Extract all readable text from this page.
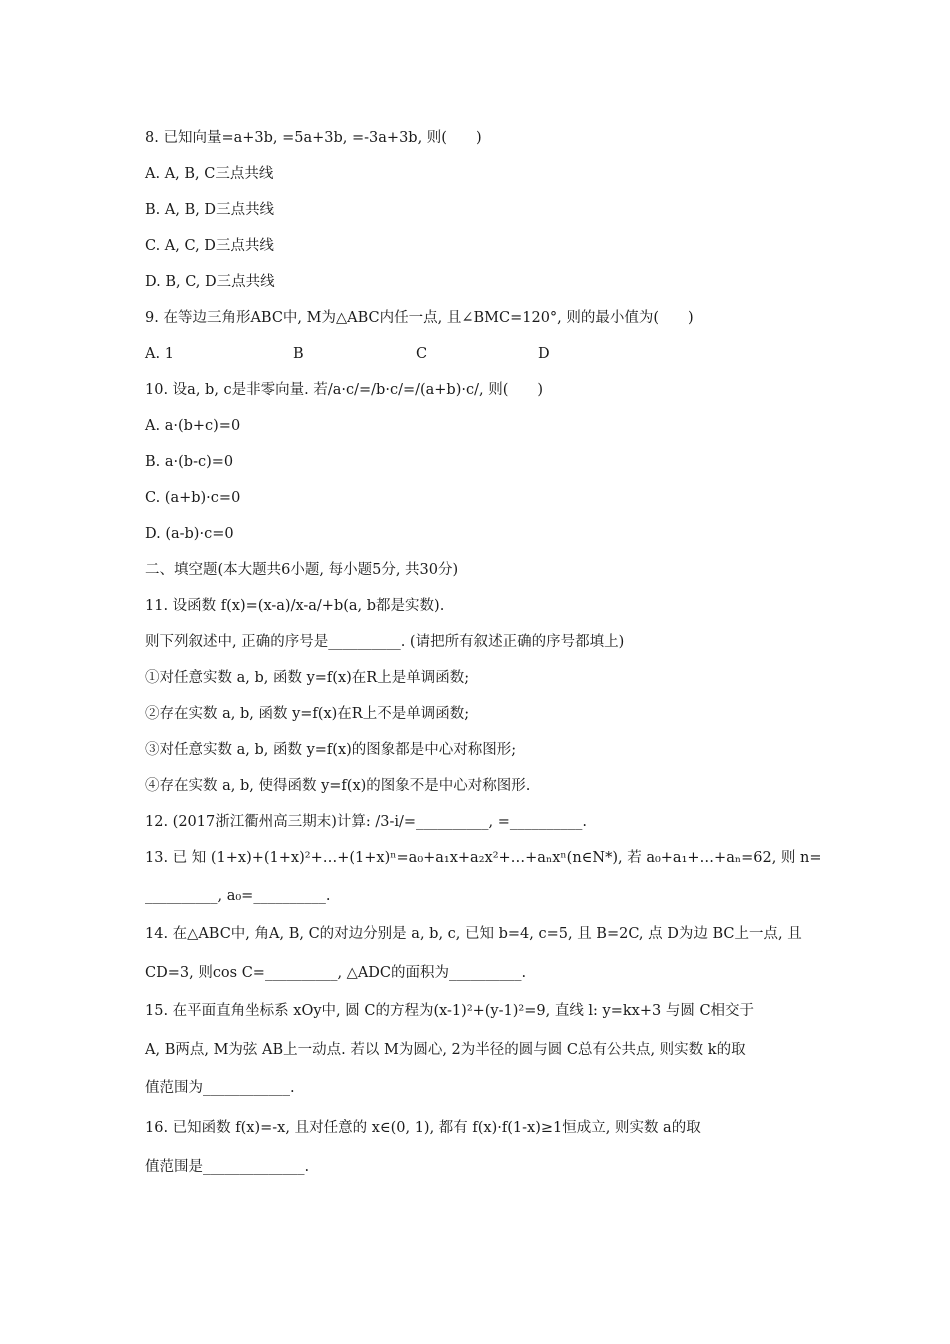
8. 已知向量=a+3b, =5a+3b, =-3a+3b, 则(　　)
A. A, B, C三点共线
B. A, B, D三点共线
C. A, C, D三点共线
D. B, C, D三点共线
9. 在等边三角形ABC中, M为△ABC内任一点, 且∠BMC=120°, 则的最小值为(　　)
A. 1	B	C	D
10. 设a, b, c是非零向量. 若/a·c/=/b·c/=/(a+b)·c/, 则(　　)
A. a·(b+c)=0
B. a·(b-c)=0
C. (a+b)·c=0
D. (a-b)·c=0
二、填空题(本大题共6小题, 每小题5分, 共30分)
11. 设函数 f(x)=(x-a)/x-a/+b(a, b都是实数).
则下列叙述中, 正确的序号是__________. (请把所有叙述正确的序号都填上)
①对任意实数 a, b, 函数 y=f(x)在R上是单调函数;
②存在实数 a, b, 函数 y=f(x)在R上不是单调函数;
③对任意实数 a, b, 函数 y=f(x)的图象都是中心对称图形;
④存在实数 a, b, 使得函数 y=f(x)的图象不是中心对称图形.
12. (2017浙江衢州高三期末)计算: /3-i/=__________, =__________.
13. 已 知 (1+x)+(1+x)²+…+(1+x)ⁿ=a₀+a₁x+a₂x²+…+aₙxⁿ(n∈N*), 若 a₀+a₁+…+aₙ=62, 则 n=
__________, a₀=__________.
14. 在△ABC中, 角A, B, C的对边分别是 a, b, c, 已知 b=4, c=5, 且 B=2C, 点 D为边 BC上一点, 且
CD=3, 则cos C=__________, △ADC的面积为__________.
15. 在平面直角坐标系 xOy中, 圆 C的方程为(x-1)²+(y-1)²=9, 直线 l: y=kx+3 与圆 C相交于
A, B两点, M为弦 AB上一动点. 若以 M为圆心, 2为半径的圆与圆 C总有公共点, 则实数 k的取
值范围为____________.
16. 已知函数 f(x)=-x, 且对任意的 x∈(0, 1), 都有 f(x)·f(1-x)≥1恒成立, 则实数 a的取
值范围是______________.
